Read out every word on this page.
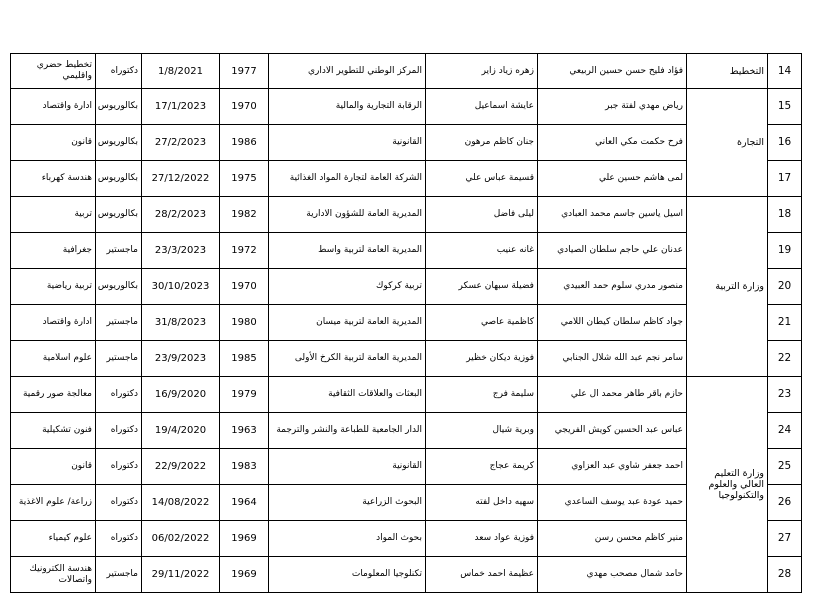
14	التخطيط	فؤاد فليح حسن حسين الربيعي	زهره زياد زاير	المركز الوطني للتطوير الاداري	1977	1/8/2021	دكتوراه	تخطيط حضري واقليمي
15	التجارة	رياض مهدي لفتة جبر	عايشة اسماعيل	الرقابة التجارية والمالية	1970	17/1/2023	بكالوريوس	ادارة واقتصاد
16		فرح حكمت مكي العاني	جنان كاظم مرهون	القانونية	1986	27/2/2023	بكالوريوس	قانون
17		لمى هاشم حسين علي	قسيمة عباس علي	الشركة العامة لتجارة المواد الغذائية	1975	27/12/2022	بكالوريوس	هندسة كهرباء
18	وزارة التربية	اسيل ياسين جاسم محمد العبادي	ليلى فاضل	المديرية العامة للشؤون الادارية	1982	28/2/2023	بكالوريوس	تربية
19		عدنان علي حاجم سلطان الصيادي	غانه عنيب	المديرية العامة لتربية واسط	1972	23/3/2023	ماجستير	جغرافية
20		منصور مدري سلوم حمد العبيدي	فضيلة سبهان عسكر	تربية كركوك	1970	30/10/2023	بكالوريوس	تربية رياضية
21		جواد كاظم سلطان كيطان اللامي	كاظمية عاصي	المديرية العامة لتربية ميسان	1980	31/8/2023	ماجستير	ادارة واقتصاد
22		سامر نجم عبد الله شلال الجنابي	فوزية ديكان خظير	المديرية العامة لتربية الكرخ الأولى	1985	23/9/2023	ماجستير	علوم اسلامية
23	وزارة التعليم العالي والعلوم والتكنولوجيا	حازم باقر طاهر محمد ال علي	سليمة فرج	البعثات والعلاقات الثقافية	1979	16/9/2020	دكتوراه	معالجة صور رقمية
24		عباس عبد الحسين كويش الفريجي	وبرية شيال	الدار الجامعية للطباعة والنشر والترجمة	1963	19/4/2020	دكتوراه	فنون تشكيلية
25		احمد جعفر شاوي عبد العزاوي	كريمة عجاج	القانونية	1983	22/9/2022	دكتوراه	قانون
26		حميد عودة عبد يوسف الساعدي	سهيه داخل لفته	البحوث الزراعية	1964	14/08/2022	دكتوراه	زراعة/ علوم الاغذية
27		منير كاظم محسن رسن	فوزية عواد سعد	بحوث المواد	1969	06/02/2022	دكتوراه	علوم كيمياء
28		حامد شمال مصحب مهدي	عظيمة احمد خماس	تكنلوجيا المعلومات	1969	29/11/2022	ماجستير	هندسة الكترونيك واتصالات
